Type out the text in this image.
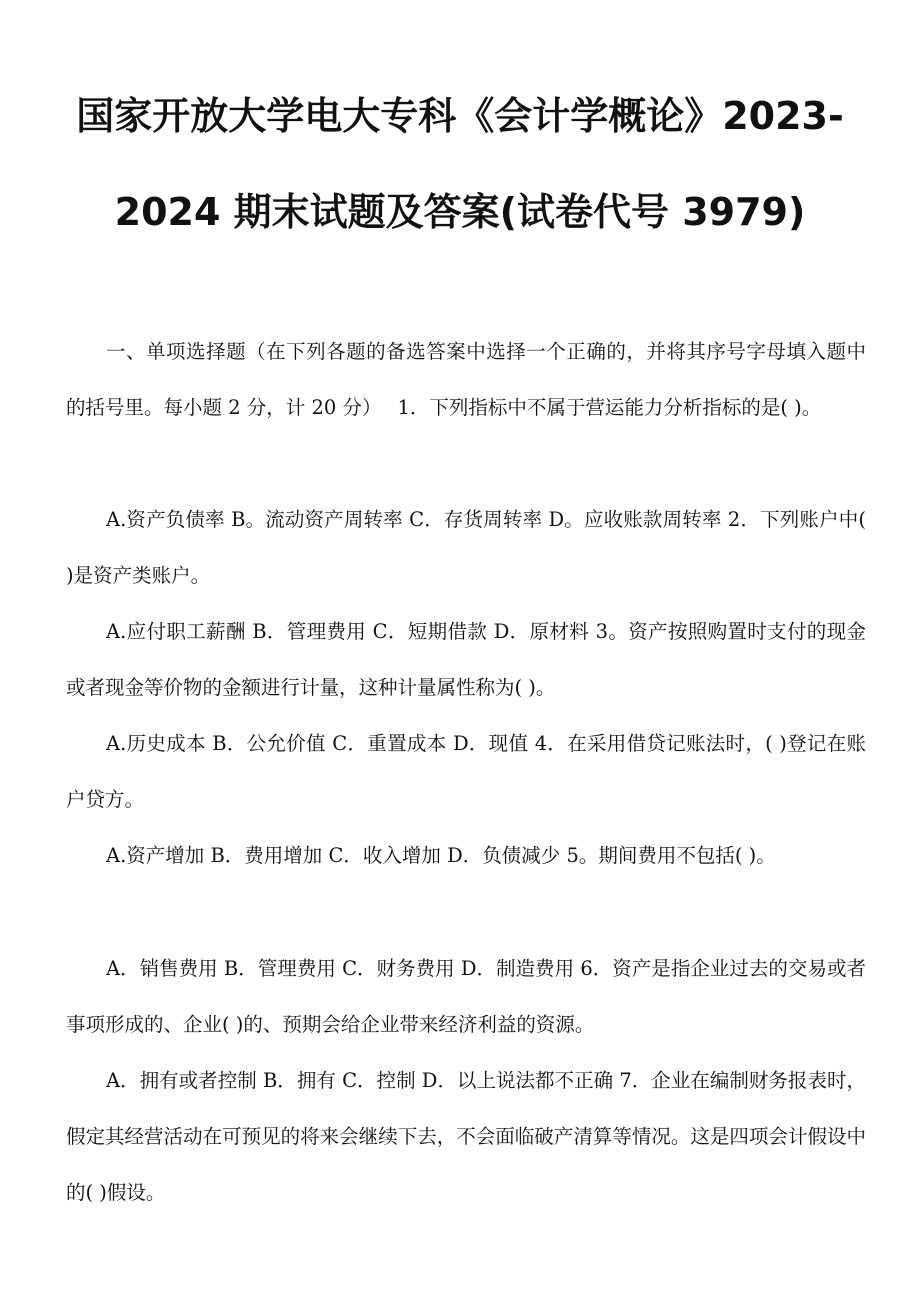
国家开放大学电大专科《会计学概论》2023-
2024 期末试题及答案(试卷代号 3979)

一、单项选择题（在下列各题的备选答案中选择一个正确的，并将其序号字母填入题中的括号里。每小题 2 分，计 20 分）　 1．下列指标中不属于营运能力分析指标的是( )。

A.资产负债率 B。流动资产周转率 C．存货周转率 D。应收账款周转率 2．下列账户中( )是资产类账户。

A.应付职工薪酬 B．管理费用 C．短期借款 D．原材料 3。资产按照购置时支付的现金或者现金等价物的金额进行计量，这种计量属性称为( )。

A.历史成本 B．公允价值 C．重置成本 D．现值 4．在采用借贷记账法时，( )登记在账户贷方。

A.资产增加 B．费用增加 C．收入增加 D．负债减少 5。期间费用不包括( )。

A．销售费用 B．管理费用 C．财务费用 D．制造费用 6．资产是指企业过去的交易或者事项形成的、企业( )的、预期会给企业带来经济利益的资源。

A．拥有或者控制 B．拥有 C．控制 D．以上说法都不正确 7．企业在编制财务报表时，假定其经营活动在可预见的将来会继续下去，不会面临破产清算等情况。这是四项会计假设中的( )假设。
